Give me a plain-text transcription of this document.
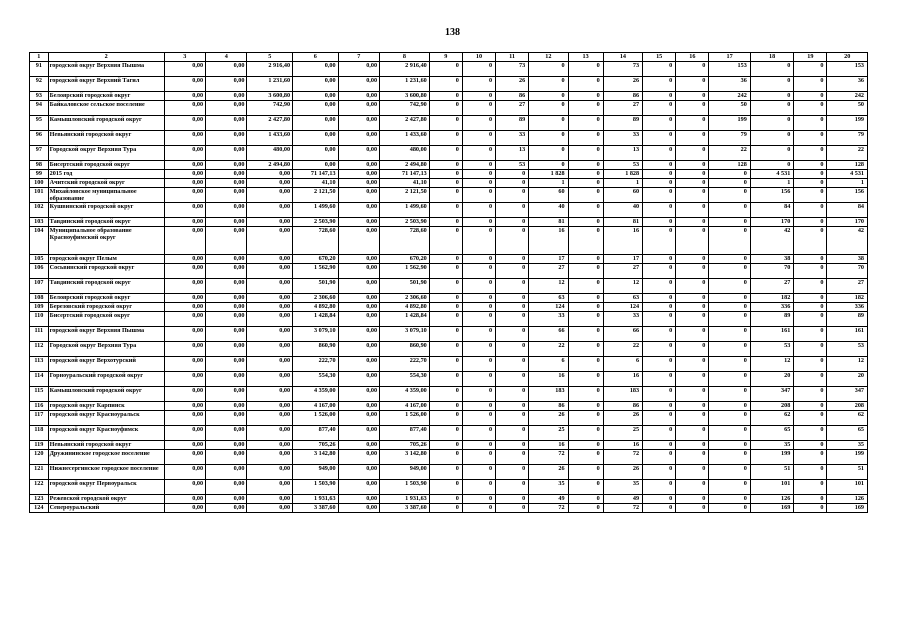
138
1	2	3	4	5	6	7	8	9	10	11	12	13	14	15	16	17	18	19	20
91	городской округ Верхняя Пышма	0,00	0,00	2 916,40	0,00	0,00	2 916,40	0	0	73	0	0	73	0	0	153	0	0	153
92	городской округ Верхний Тагил	0,00	0,00	1 231,60	0,00	0,00	1 231,60	0	0	26	0	0	26	0	0	36	0	0	36
93	Белоярский городской округ	0,00	0,00	3 600,80	0,00	0,00	3 600,80	0	0	86	0	0	86	0	0	242	0	0	242
94	Байкаловское сельское поселение	0,00	0,00	742,90	0,00	0,00	742,90	0	0	27	0	0	27	0	0	50	0	0	50
95	Камышловский городской округ	0,00	0,00	2 427,80	0,00	0,00	2 427,80	0	0	89	0	0	89	0	0	199	0	0	199
96	Невьянский городской округ	0,00	0,00	1 433,60	0,00	0,00	1 433,60	0	0	33	0	0	33	0	0	79	0	0	79
97	Городской округ Верхняя Тура	0,00	0,00	480,00	0,00	0,00	480,00	0	0	13	0	0	13	0	0	22	0	0	22
98	Бисертский городской округ	0,00	0,00	2 494,80	0,00	0,00	2 494,80	0	0	53	0	0	53	0	0	128	0	0	128
99	2015 год	0,00	0,00	0,00	71 147,13	0,00	71 147,13	0	0	0	1 828	0	1 828	0	0	0	4 531	0	4 531
100	Ачитский городской округ	0,00	0,00	0,00	41,10	0,00	41,10	0	0	0	1	0	1	0	0	0	1	0	1
101	Михайловское муниципальное образование	0,00	0,00	0,00	2 121,50	0,00	2 121,50	0	0	0	60	0	60	0	0	0	156	0	156
102	Кушвинский городской округ	0,00	0,00	0,00	1 499,60	0,00	1 499,60	0	0	0	40	0	40	0	0	0	84	0	84
103	Тавдинский городской округ	0,00	0,00	0,00	2 503,90	0,00	2 503,90	0	0	0	81	0	81	0	0	0	170	0	170
104	Муниципальное образование Красноуфимский округ	0,00	0,00	0,00	728,60	0,00	728,60	0	0	0	16	0	16	0	0	0	42	0	42
105	городской округ Пелым	0,00	0,00	0,00	670,20	0,00	670,20	0	0	0	17	0	17	0	0	0	38	0	38
106	Сосьвинский городской округ	0,00	0,00	0,00	1 562,90	0,00	1 562,90	0	0	0	27	0	27	0	0	0	70	0	70
107	Тавдинский городской округ	0,00	0,00	0,00	501,90	0,00	501,90	0	0	0	12	0	12	0	0	0	27	0	27
108	Белоярский городской округ	0,00	0,00	0,00	2 306,60	0,00	2 306,60	0	0	0	63	0	63	0	0	0	182	0	182
109	Березовский городской округ	0,00	0,00	0,00	4 892,80	0,00	4 892,80	0	0	0	124	0	124	0	0	0	336	0	336
110	Бисертский городской округ	0,00	0,00	0,00	1 428,84	0,00	1 428,84	0	0	0	33	0	33	0	0	0	89	0	89
111	городской округ Верхняя Пышма	0,00	0,00	0,00	3 079,10	0,00	3 079,10	0	0	0	66	0	66	0	0	0	161	0	161
112	Городской округ Верхняя Тура	0,00	0,00	0,00	860,90	0,00	860,90	0	0	0	22	0	22	0	0	0	53	0	53
113	городской округ Верхотурский	0,00	0,00	0,00	222,70	0,00	222,70	0	0	0	6	0	6	0	0	0	12	0	12
114	Горноуральский городской округ	0,00	0,00	0,00	554,30	0,00	554,30	0	0	0	16	0	16	0	0	0	20	0	20
115	Камышловский городской округ	0,00	0,00	0,00	4 359,00	0,00	4 359,00	0	0	0	183	0	183	0	0	0	347	0	347
116	городской округ Карпинск	0,00	0,00	0,00	4 167,00	0,00	4 167,00	0	0	0	86	0	86	0	0	0	208	0	208
117	городской округ Красноуральск	0,00	0,00	0,00	1 526,00	0,00	1 526,00	0	0	0	26	0	26	0	0	0	62	0	62
118	городской округ Красноуфимск	0,00	0,00	0,00	877,40	0,00	877,40	0	0	0	25	0	25	0	0	0	65	0	65
119	Невьянский городской округ	0,00	0,00	0,00	705,26	0,00	705,26	0	0	0	16	0	16	0	0	0	35	0	35
120	Дружининское городское поселение	0,00	0,00	0,00	3 142,80	0,00	3 142,80	0	0	0	72	0	72	0	0	0	199	0	199
121	Нижнесергинское городское поселение	0,00	0,00	0,00	949,00	0,00	949,00	0	0	0	26	0	26	0	0	0	51	0	51
122	городской округ Первоуральск	0,00	0,00	0,00	1 503,90	0,00	1 503,90	0	0	0	35	0	35	0	0	0	101	0	101
123	Режевской городской округ	0,00	0,00	0,00	1 931,63	0,00	1 931,63	0	0	0	49	0	49	0	0	0	126	0	126
124	Североуральский	0,00	0,00	0,00	3 387,60	0,00	3 387,60	0	0	0	72	0	72	0	0	0	169	0	169
